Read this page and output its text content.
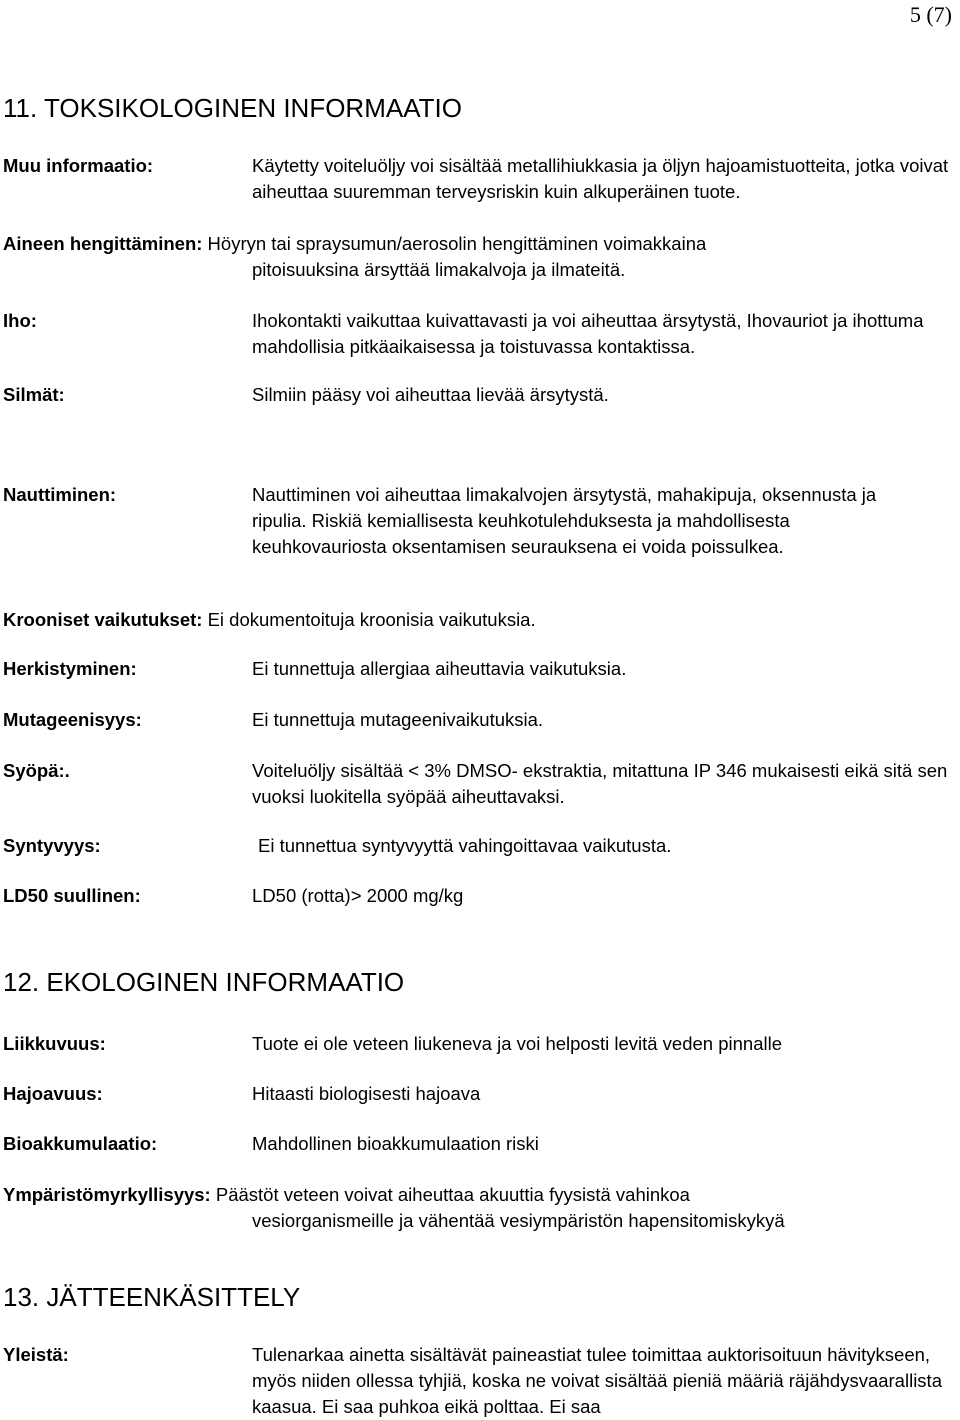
5 (7)
11. TOKSIKOLOGINEN INFORMAATIO
Muu informaatio:	Käytetty voiteluöljy voi sisältää metallihiukkasia ja öljyn hajoamistuotteita, jotka voivat aiheuttaa suuremman terveysriskin kuin alkuperäinen tuote.
Aineen hengittäminen: Höyryn tai spraysumun/aerosolin hengittäminen voimakkaina
pitoisuuksina ärsyttää limakalvoja ja ilmateitä.
Iho:	Ihokontakti vaikuttaa kuivattavasti ja voi aiheuttaa ärsytystä, Ihovauriot ja ihottuma mahdollisia pitkäaikaisessa ja toistuvassa kontaktissa.
Silmät:	Silmiin pääsy voi aiheuttaa lievää ärsytystä.
Nauttiminen:	Nauttiminen voi aiheuttaa limakalvojen ärsytystä, mahakipuja, oksennusta ja ripulia. Riskiä kemiallisesta keuhkotulehduksesta ja mahdollisesta keuhkovauriosta oksentamisen seurauksena ei voida poissulkea.
Krooniset vaikutukset: Ei dokumentoituja kroonisia vaikutuksia.
Herkistyminen:	Ei tunnettuja allergiaa aiheuttavia vaikutuksia.
Mutageenisyys:	Ei tunnettuja mutageenivaikutuksia.
Syöpä:.	Voiteluöljy sisältää < 3% DMSO- ekstraktia, mitattuna IP 346 mukaisesti eikä sitä sen vuoksi luokitella syöpää aiheuttavaksi.
Syntyvyys:	Ei tunnettua syntyvyyttä vahingoittavaa vaikutusta.
LD50 suullinen:	LD50 (rotta)> 2000 mg/kg
12. EKOLOGINEN INFORMAATIO
Liikkuvuus:	Tuote ei ole veteen liukeneva ja voi helposti levitä veden pinnalle
Hajoavuus:	Hitaasti biologisesti hajoava
Bioakkumulaatio:	Mahdollinen bioakkumulaation riski
Ympäristömyrkyllisyys: Päästöt veteen voivat aiheuttaa akuuttia fyysistä vahinkoa
vesiorganismeille ja vähentää vesiympäristön hapensitomiskykyä
13. JÄTTEENKÄSITTELY
Yleistä:	Tulenarkaa ainetta sisältävät paineastiat tulee toimittaa auktorisoituun hävitykseen, myös niiden ollessa tyhjiä, koska ne voivat sisältää pieniä määriä räjähdysvaarallista kaasua. Ei saa puhkoa eikä polttaa. Ei saa
